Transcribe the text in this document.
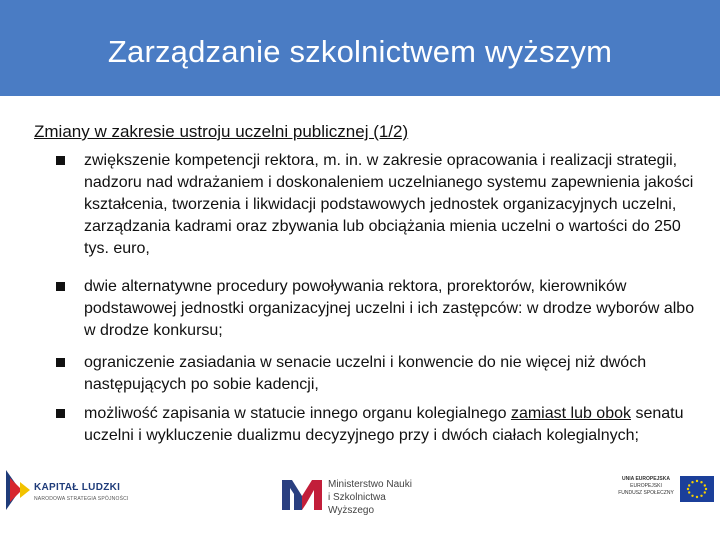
Zarządzanie szkolnictwem wyższym
Zmiany w zakresie ustroju uczelni publicznej (1/2)
zwiększenie kompetencji rektora, m. in. w zakresie opracowania i realizacji strategii, nadzoru nad wdrażaniem i doskonaleniem uczelnianego systemu zapewnienia jakości kształcenia, tworzenia i likwidacji podstawowych jednostek organizacyjnych uczelni, zarządzania kadrami oraz zbywania lub obciążania mienia uczelni o wartości do 250 tys. euro,
dwie alternatywne procedury powoływania rektora, prorektorów, kierowników podstawowej jednostki organizacyjnej uczelni i ich zastępców: w drodze wyborów albo w drodze konkursu;
ograniczenie zasiadania w senacie uczelni i konwencie do nie więcej niż dwóch następujących po sobie kadencji,
możliwość zapisania w statucie innego organu kolegialnego zamiast lub obok senatu uczelni i wykluczenie dualizmu decyzyjnego przy i dwóch ciałach kolegialnych;
KAPITAŁ LUDZKI
NARODOWA STRATEGIA SPÓJNOŚCI
Ministerstwo Nauki
i Szkolnictwa Wyższego
UNIA EUROPEJSKA
EUROPEJSKI
FUNDUSZ SPOŁECZNY
